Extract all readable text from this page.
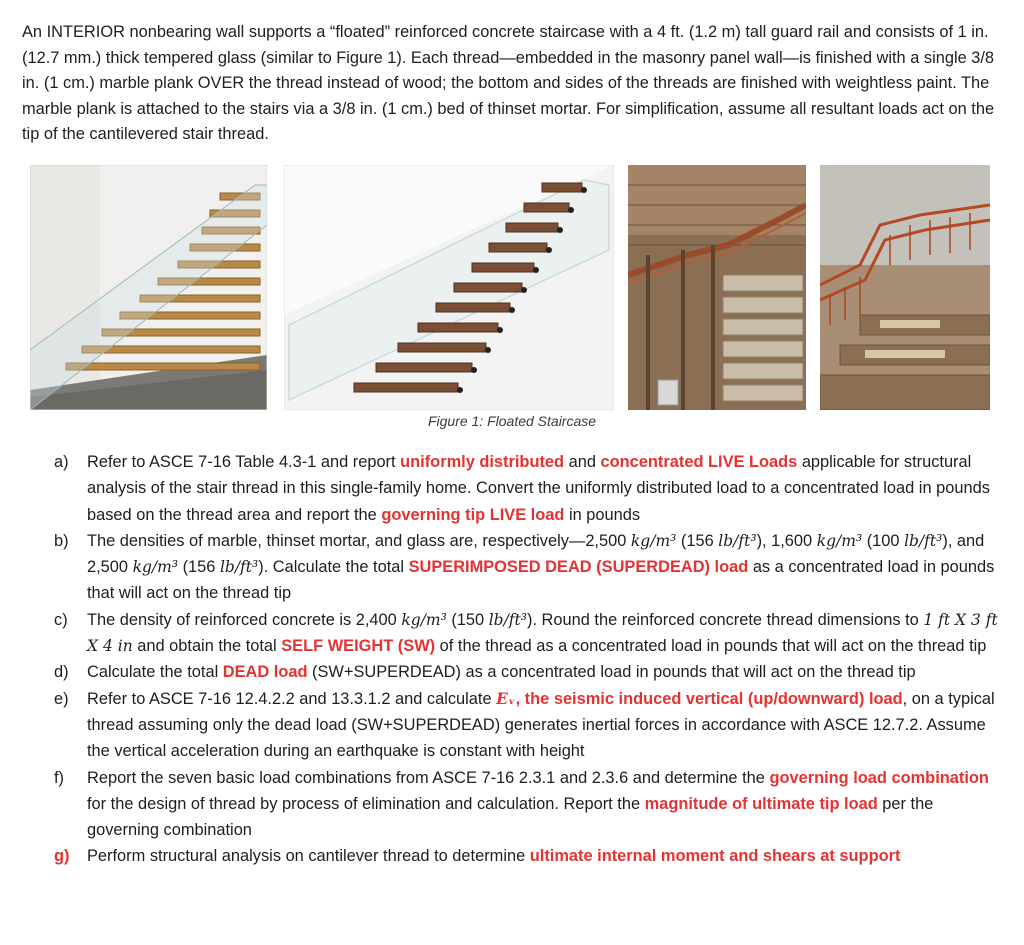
An INTERIOR nonbearing wall supports a “floated” reinforced concrete staircase with a 4 ft. (1.2 m) tall guard rail and consists of 1 in. (12.7 mm.) thick tempered glass (similar to Figure 1). Each thread—embedded in the masonry panel wall—is finished with a single 3/8 in. (1 cm.) marble plank OVER the thread instead of wood; the bottom and sides of the threads are finished with weightless paint. The marble plank is attached to the stairs via a 3/8 in. (1 cm.) bed of thinset mortar. For simplification, assume all resultant loads act on the tip of the cantilevered stair thread.

Figure 1: Floated Staircase
a) Refer to ASCE 7-16 Table 4.3-1 and report uniformly distributed and concentrated LIVE Loads applicable for structural analysis of the stair thread in this single-family home. Convert the uniformly distributed load to a concentrated load in pounds based on the thread area and report the governing tip LIVE load in pounds
b) The densities of marble, thinset mortar, and glass are, respectively—2,500 kg/m³ (156 lb/ft³), 1,600 kg/m³ (100 lb/ft³), and 2,500 kg/m³ (156 lb/ft³). Calculate the total SUPERIMPOSED DEAD (SUPERDEAD) load as a concentrated load in pounds that will act on the thread tip
c) The density of reinforced concrete is 2,400 kg/m³ (150 lb/ft³). Round the reinforced concrete thread dimensions to 1 ft X 3 ft X 4 in and obtain the total SELF WEIGHT (SW) of the thread as a concentrated load in pounds that will act on the thread tip
d) Calculate the total DEAD load (SW+SUPERDEAD) as a concentrated load in pounds that will act on the thread tip
e) Refer to ASCE 7-16 12.4.2.2 and 13.3.1.2 and calculate Eᵥ, the seismic induced vertical (up/downward) load, on a typical thread assuming only the dead load (SW+SUPERDEAD) generates inertial forces in accordance with ASCE 12.7.2. Assume the vertical acceleration during an earthquake is constant with height
f) Report the seven basic load combinations from ASCE 7-16 2.3.1 and 2.3.6 and determine the governing load combination for the design of thread by process of elimination and calculation. Report the magnitude of ultimate tip load per the governing combination
g) Perform structural analysis on cantilever thread to determine ultimate internal moment and shears at support
